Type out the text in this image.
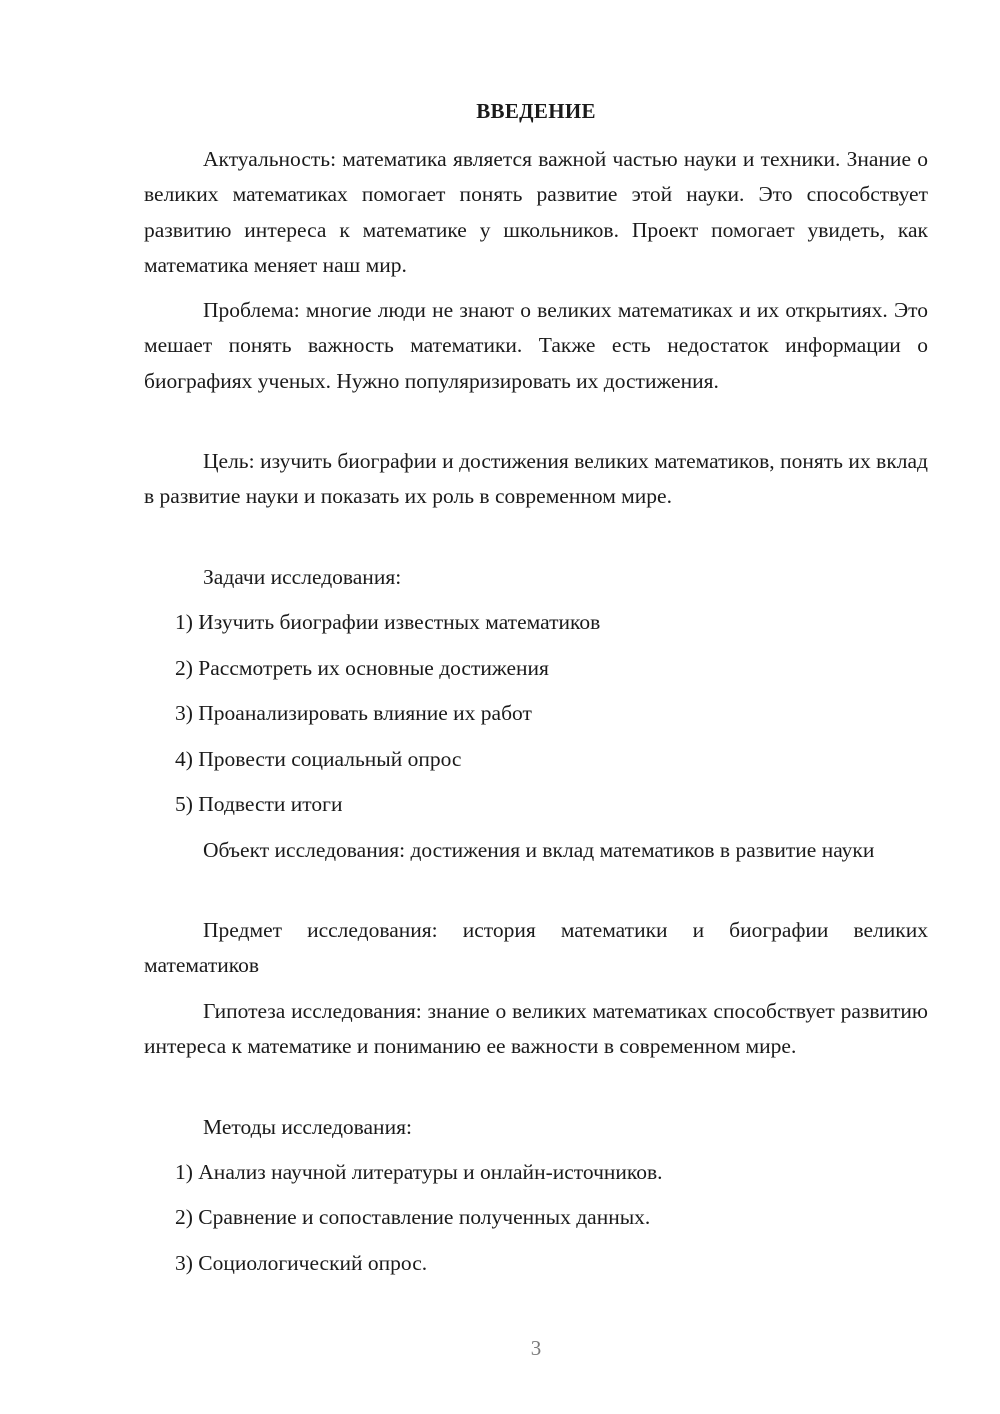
ВВЕДЕНИЕ

Актуальность: математика является важной частью науки и техники. Знание о великих математиках помогает понять развитие этой науки. Это способствует развитию интереса к математике у школьников. Проект помогает увидеть, как математика меняет наш мир.

Проблема: многие люди не знают о великих математиках и их открытиях. Это мешает понять важность математики. Также есть недостаток информации о биографиях ученых. Нужно популяризировать их достижения.

Цель: изучить биографии и достижения великих математиков, понять их вклад в развитие науки и показать их роль в современном мире.

Задачи исследования:

1) Изучить биографии известных математиков

2) Рассмотреть их основные достижения

3) Проанализировать влияние их работ

4) Провести социальный опрос

5) Подвести итоги

Объект исследования: достижения и вклад математиков в развитие науки

Предмет исследования: история математики и биографии великих математиков

Гипотеза исследования: знание о великих математиках способствует развитию интереса к математике и пониманию ее важности в современном мире.

Методы исследования:

1) Анализ научной литературы и онлайн-источников.

2) Сравнение и сопоставление полученных данных.

3) Социологический опрос.

3
